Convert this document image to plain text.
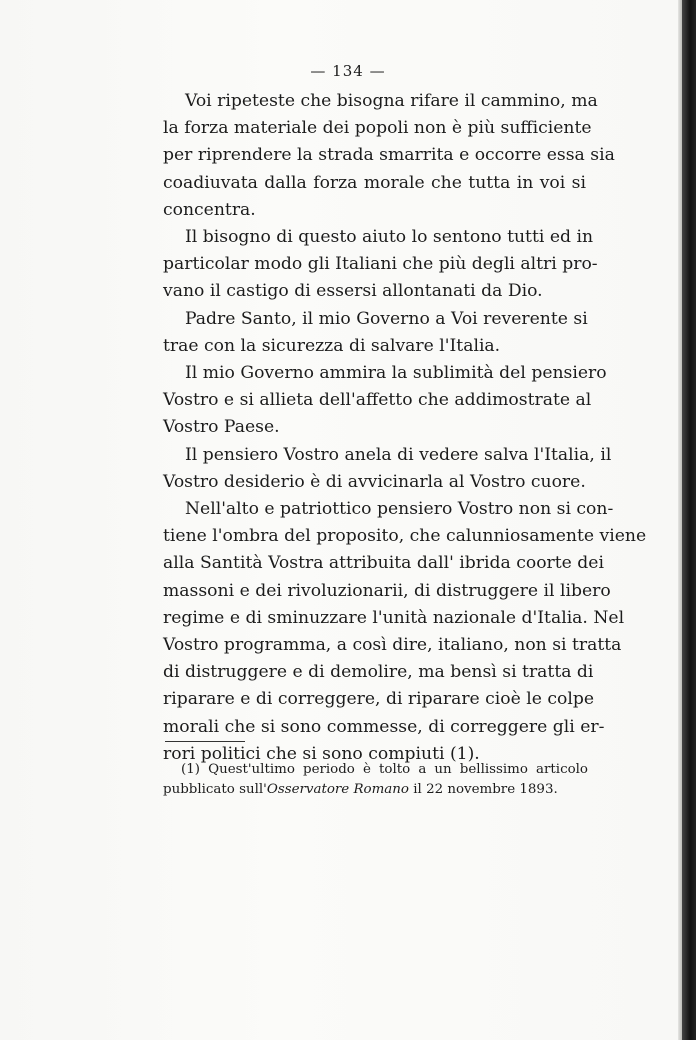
— 134 —
Voi ripeteste che bisogna rifare il cammino, ma
la forza materiale dei popoli non è più sufficiente
per riprendere la strada smarrita e occorre essa sia
coadiuvata dalla forza morale che tutta in voi si
concentra.
Il bisogno di questo aiuto lo sentono tutti ed in
particolar modo gli Italiani che più degli altri pro-
vano il castigo di essersi allontanati da Dio.
Padre Santo, il mio Governo a Voi reverente si
trae con la sicurezza di salvare l'Italia.
Il mio Governo ammira la sublimità del pensiero
Vostro e si allieta dell'affetto che addimostrate al
Vostro Paese.
Il pensiero Vostro anela di vedere salva l'Italia, il
Vostro desiderio è di avvicinarla al Vostro cuore.
Nell'alto e patriottico pensiero Vostro non si con-
tiene l'ombra del proposito, che calunniosamente viene
alla Santità Vostra attribuita dall' ibrida coorte dei
massoni e dei rivoluzionarii, di distruggere il libero
regime e di sminuzzare l'unità nazionale d'Italia. Nel
Vostro programma, a così dire, italiano, non si tratta
di distruggere e di demolire, ma bensì si tratta di
riparare e di correggere, di riparare cioè le colpe
morali che si sono commesse, di correggere gli er-
rori politici che si sono compiuti (1).
(1) Quest'ultimo periodo è tolto a un bellissimo articolo
pubblicato sull'Osservatore Romano il 22 novembre 1893.
